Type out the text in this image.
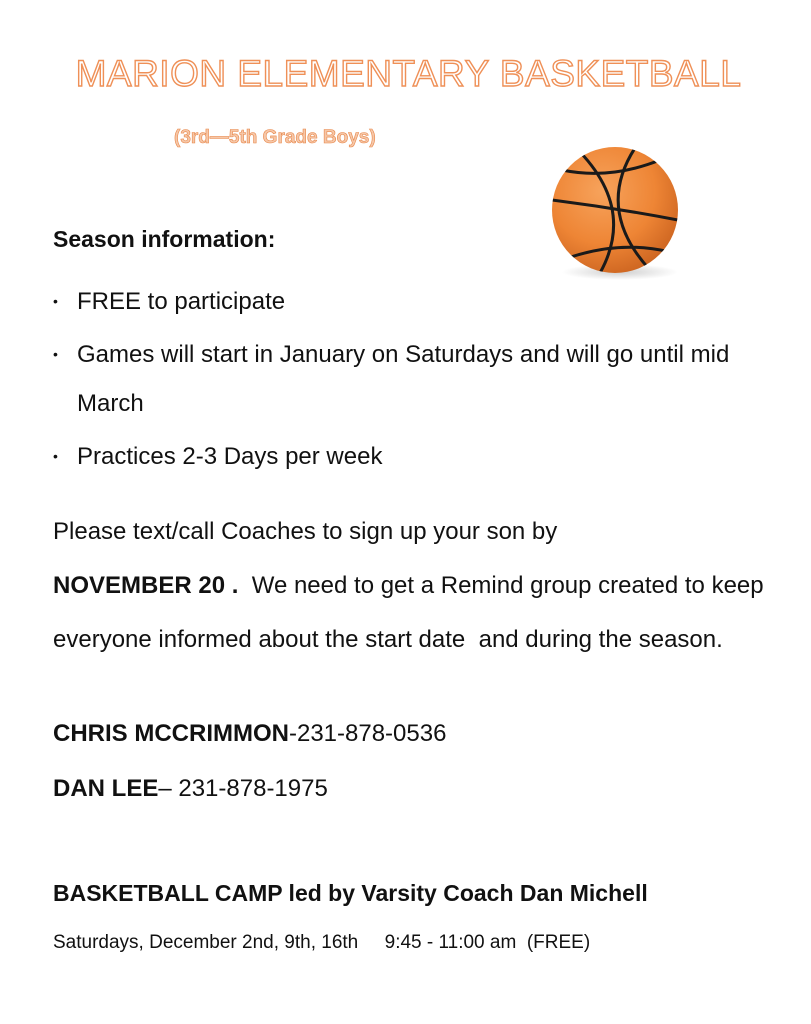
MARION ELEMENTARY BASKETBALL

(3rd—5th Grade Boys)

Season information:

• FREE to participate
• Games will start in January on Saturdays and will go until mid March
• Practices 2-3 Days per week

Please text/call Coaches to sign up your son by
NOVEMBER 20 .  We need to get a Remind group created to keep everyone informed about the start date  and during the season.

CHRIS MCCRIMMON-231-878-0536

DAN LEE– 231-878-1975

BASKETBALL CAMP led by Varsity Coach Dan Michell

Saturdays, December 2nd, 9th, 16th     9:45 - 11:00 am  (FREE)
